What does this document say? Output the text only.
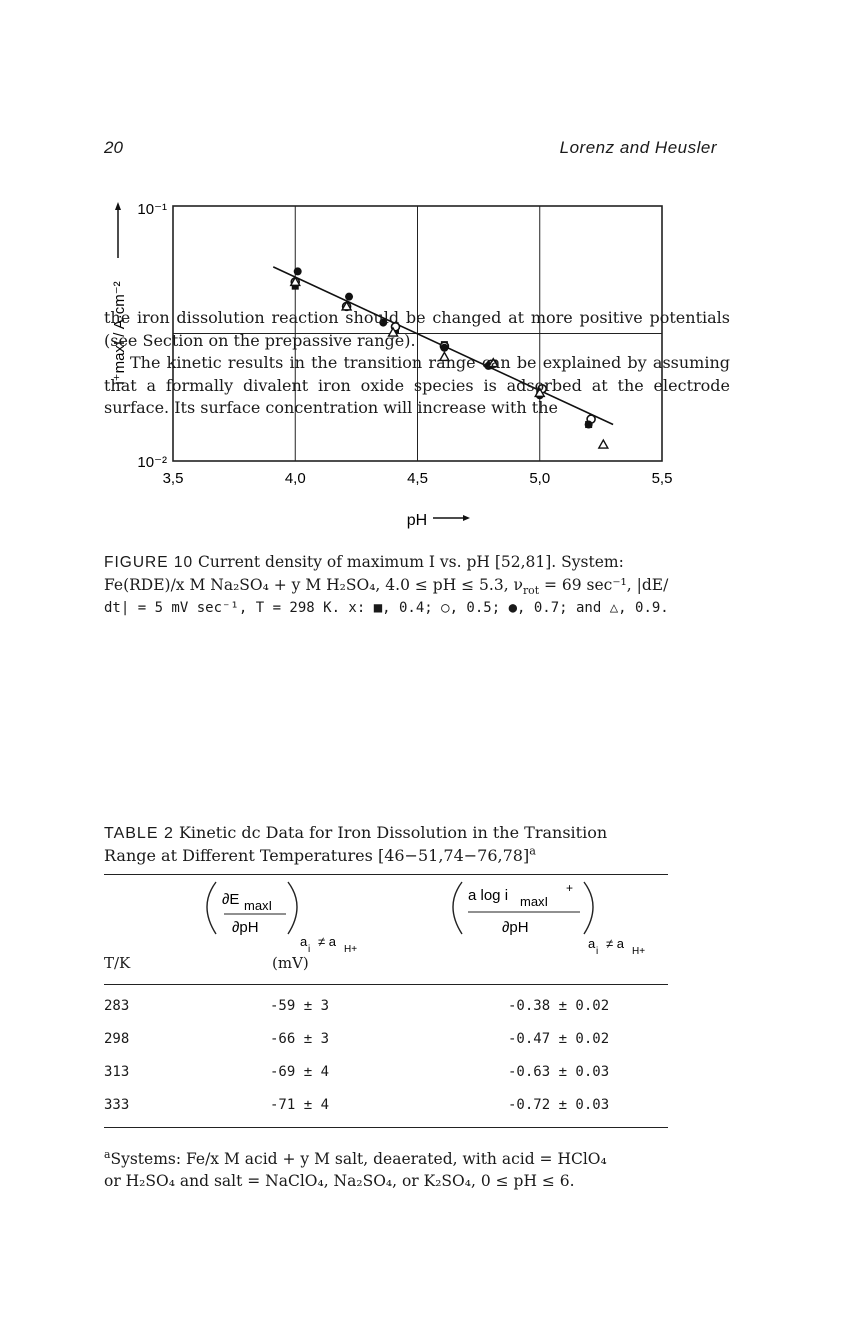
20	Lorenz and Heusler
3,5	4,0	4,5	5,0	5,5
10⁻¹
10⁻²
pH
i⁺maxI / A·cm⁻²
FIGURE 10 Current density of maximum I vs. pH [52,81]. System:
Fe(RDE)/x M Na₂SO₄ + y M H₂SO₄, 4.0 ≤ pH ≤ 5.3, $\nu_{rot} = 69$ sec⁻¹, |dE/
dt| = 5 mV sec⁻¹, T = 298 K. x: ■, 0.4; ○, 0.5; ●, 0.7; and △, 0.9.

the iron dissolution reaction should be changed at more positive potentials (see Section on the prepassive range).

The kinetic results in the transition range can be explained by assuming that a formally divalent iron oxide species is adsorbed at the electrode surface. Its surface concentration will increase with the

TABLE 2 Kinetic dc Data for Iron Dissolution in the Transition
Range at Different Temperatures $[46-51,74-76,78]^a$
∂E maxI
∂pH
a
i
≠ a
H+
a log i maxI
+
∂pH
a
i
≠ a
H+
T/K	(mV)
283	-59 ± 3	-0.38 ± 0.02
298	-66 ± 3	-0.47 ± 0.02
313	-69 ± 4	-0.63 ± 0.03
333	-71 ± 4	-0.72 ± 0.03
$^a$Systems: Fe/x M acid + y M salt, deaerated, with acid = HClO₄
or H₂SO₄ and salt = NaClO₄, Na₂SO₄, or K₂SO₄, 0 ≤ pH ≤ 6.
